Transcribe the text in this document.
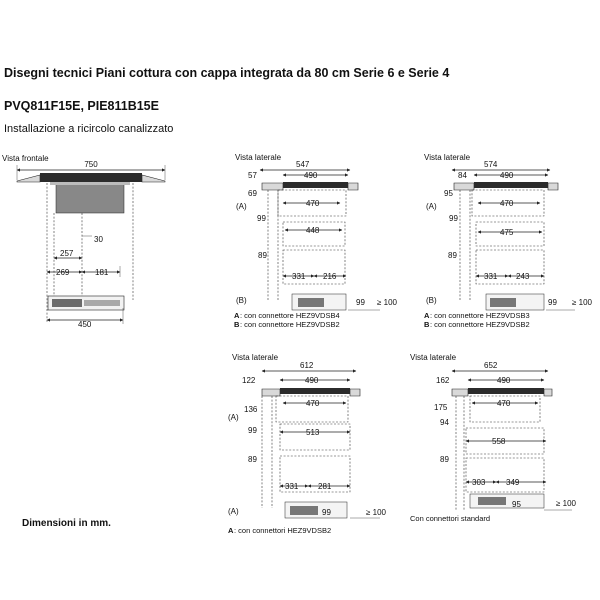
Disegni tecnici Piani cottura con cappa integrata da 80 cm Serie 6 e Serie 4
PVQ811F15E, PIE811B15E
Installazione a ricircolo canalizzato
Dimensioni in mm.
Vista frontale
750
30
257
269	181
450
Vista laterale
547
57	490
69
470
(A)
99
448
89
331 216
(B)	99 ≥ 100
A : con connettore HEZ9VDSB4
B : con connettore HEZ9VDSB2
Vista laterale
574
84	490
95
470
(A)
99
475
89
331 243
(B)	99 ≥ 100
A : con connettore HEZ9VDSB3
B : con connettore HEZ9VDSB2
Vista laterale
612
122	490
470
136
(A)
99	513
89
331 281
(A)	99	≥ 100
A : con connettori HEZ9VDSB2
Vista laterale
652
162	490
470
175
94
558
89
303	349
95	≥ 100
Con connettori standard
